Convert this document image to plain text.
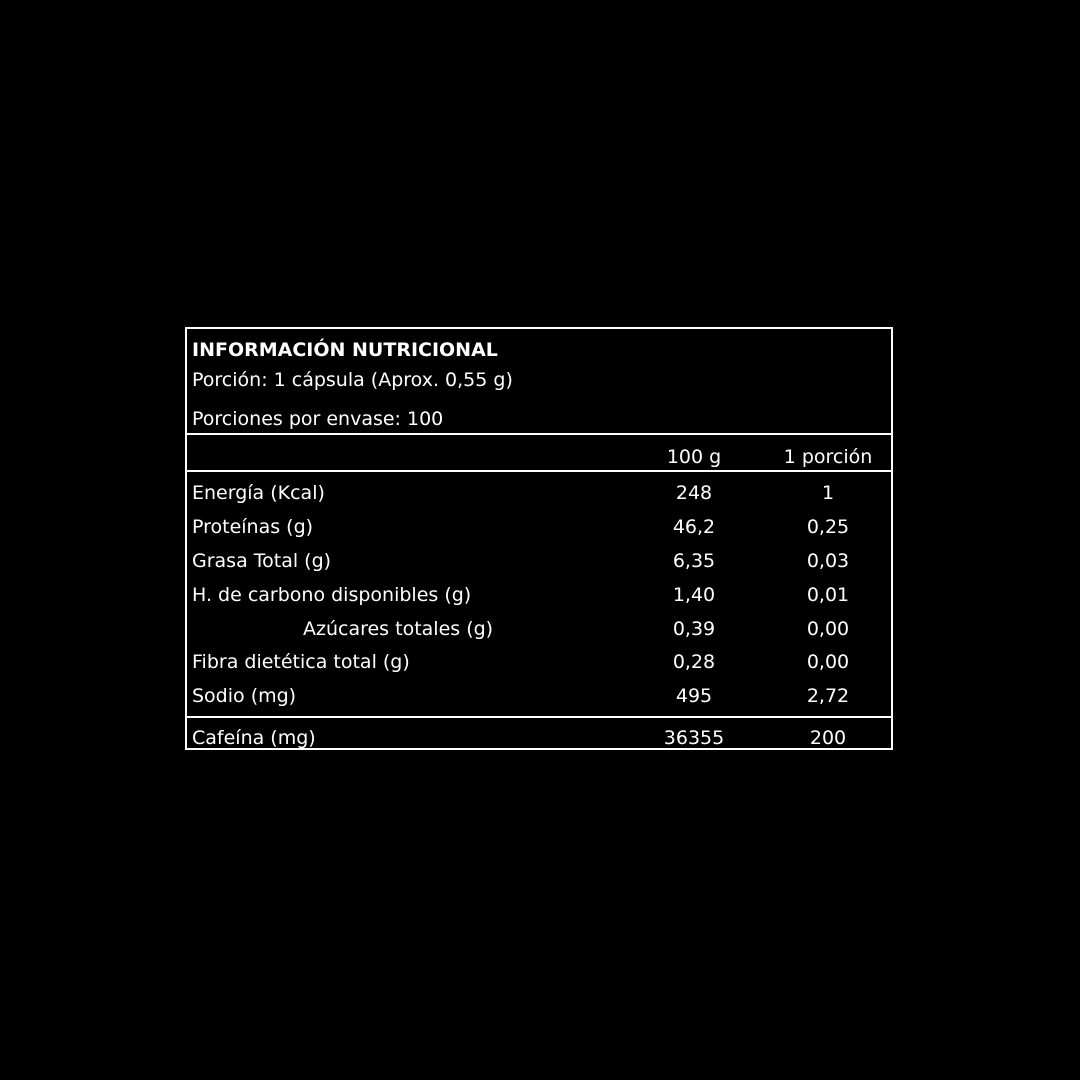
INFORMACIÓN NUTRICIONAL
Porción: 1 cápsula (Aprox. 0,55 g)
Porciones por envase: 100
100 g	1 porción
Energía (Kcal)	248	1
Proteínas (g)	46,2	0,25
Grasa Total (g)	6,35	0,03
H. de carbono disponibles (g)	1,40	0,01
Azúcares totales (g)	0,39	0,00
Fibra dietética total (g)	0,28	0,00
Sodio (mg)	495	2,72
Cafeína (mg)	36355	200
